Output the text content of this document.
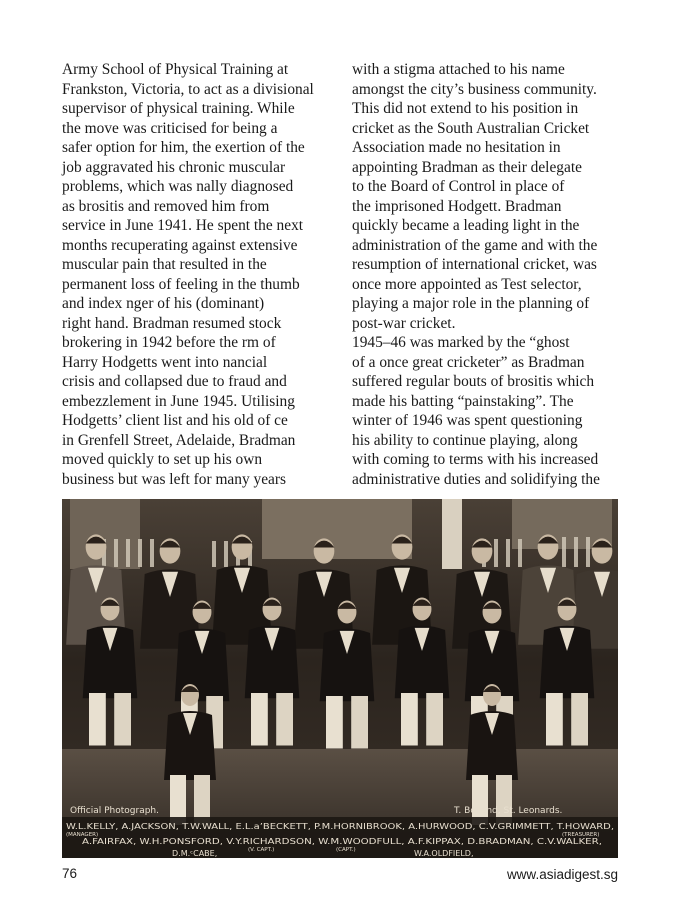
Army School of Physical Training at
Frankston, Victoria, to act as a divisional
supervisor of physical training. While
the move was criticised for being a
safer option for him, the exertion of the
job aggravated his chronic muscular
problems, which was nally diagnosed
as brositis and removed him from
service in June 1941. He spent the next
months recuperating against extensive
muscular pain that resulted in the
permanent loss of feeling in the thumb
and index nger of his (dominant)
right hand. Bradman resumed stock
brokering in 1942 before the rm of
Harry Hodgetts went into nancial
crisis and collapsed due to fraud and
embezzlement in June 1945. Utilising
Hodgetts’ client list and his old of ce
in Grenfell Street, Adelaide, Bradman
moved quickly to set up his own
business but was left for many years
with a stigma attached to his name
amongst the city’s business community.
This did not extend to his position in
cricket as the South Australian Cricket
Association made no hesitation in
appointing Bradman as their delegate
to the Board of Control in place of
the imprisoned Hodgett. Bradman
quickly became a leading light in the
administration of the game and with the
resumption of international cricket, was
once more appointed as Test selector,
playing a major role in the planning of
post-war cricket.
1945–46 was marked by the “ghost
of a once great cricketer” as Bradman
suffered regular bouts of brositis which
made his batting “painstaking”. The
winter of 1946 was spent questioning
his ability to continue playing, along
with coming to terms with his increased
administrative duties and solidifying the
Official Photograph.	T. Bolland, St. Leonards.
W.L.KELLY, A.JACKSON, T.W.WALL, E.L.a’BECKETT, P.M.HORNIBROOK, A.HURWOOD, C.V.GRIMMETT, T.HOWARD,
(MANAGER)	(TREASURER)
A.FAIRFAX, W.H.PONSFORD, V.Y.RICHARDSON, W.M.WOODFULL, A.F.KIPPAX, D.BRADMAN, C.V.WALKER,
(V. CAPT.)	(CAPT.)
D.M.ᶜCABE,	W.A.OLDFIELD,
76	www.asiadigest.sg
